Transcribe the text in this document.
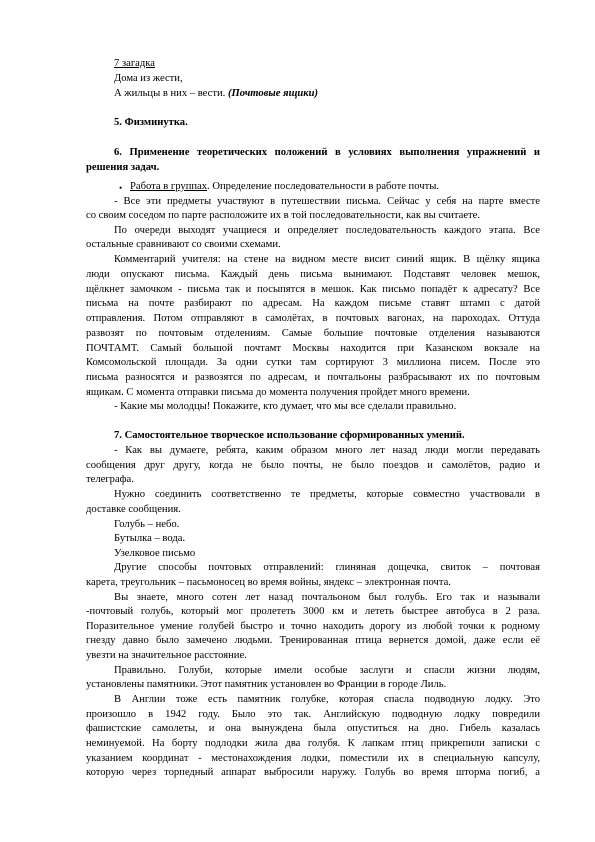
7 загадка
Дома из жести,
А жильцы в них – вести. (Почтовые ящики)
5. Физминутка.
6. Применение теоретических положений в условиях выполнения упражнений и
решения задач.
• Работа в группах. Определение последовательности в работе почты.
- Все эти предметы участвуют в путешествии письма. Сейчас у себя на парте вместе
со своим соседом по парте расположите их в той последовательности, как вы считаете.
По очереди выходят учащиеся и определяет последовательность каждого этапа. Все
остальные сравнивают со своими схемами.
Комментарий учителя: на стене на видном месте висит синий ящик. В щёлку ящика
люди опускают письма. Каждый день письма вынимают. Подставят человек мешок,
щёлкнет замочком - письма так и посыпятся в мешок. Как письмо попадёт к адресату? Все
письма на почте разбирают по адресам. На каждом письме ставят штамп с датой
отправления. Потом отправляют в самолётах, в почтовых вагонах, на пароходах. Оттуда
развозят по почтовым отделениям. Самые большие почтовые отделения называются
ПОЧТАМТ. Самый большой почтамт Москвы находится при Казанском вокзале на
Комсомольской площади. За одни сутки там сортируют 3 миллиона писем. После это
письма разносятся и развозятся по адресам, и почтальоны разбрасывают их по почтовым
ящикам. С момента отправки письма до момента получения пройдет много времени.
- Какие мы молодцы! Покажите, кто думает, что мы все сделали правильно.
7. Самостоятельное творческое использование сформированных умений.
- Как вы думаете, ребята, каким образом много лет назад люди могли передавать
сообщения друг другу, когда не было почты, не было поездов и самолётов, радио и
телеграфа.
Нужно соединить соответственно те предметы, которые совместно участвовали в
доставке сообщения.
Голубь – небо.
Бутылка – вода.
Узелковое письмо
Другие способы почтовых отправлений: глиняная дощечка, свиток – почтовая
карета, треугольник – пасьмоносец во время войны, яндекс – электронная почта.
Вы знаете, много сотен лет назад почтальоном был голубь. Его так и называли
-почтовый голубь, который мог пролететь 3000 км и лететь быстрее автобуса в 2 раза.
Поразительное умение голубей быстро и точно находить дорогу из любой точки к родному
гнезду давно было замечено людьми. Тренированная птица вернется домой, даже если её
увезти на значительное расстояние.
Правильно. Голуби, которые имели особые заслуги и спасли жизни людям,
установлены памятники. Этот памятник установлен во Франции в городе Лиль.
В Англии тоже есть памятник голубке, которая спасла подводную лодку. Это
произошло в 1942 году. Было это так. Английскую подводную лодку повредили
фашистские самолеты, и она вынуждена была опуститься на дно. Гибель казалась
неминуемой. На борту подлодки жила два голубя. К лапкам птиц прикрепили записки с
указанием координат - местонахождения лодки, поместили их в специальную капсулу,
которую через торпедный аппарат выбросили наружу. Голубь во время шторма погиб, а
